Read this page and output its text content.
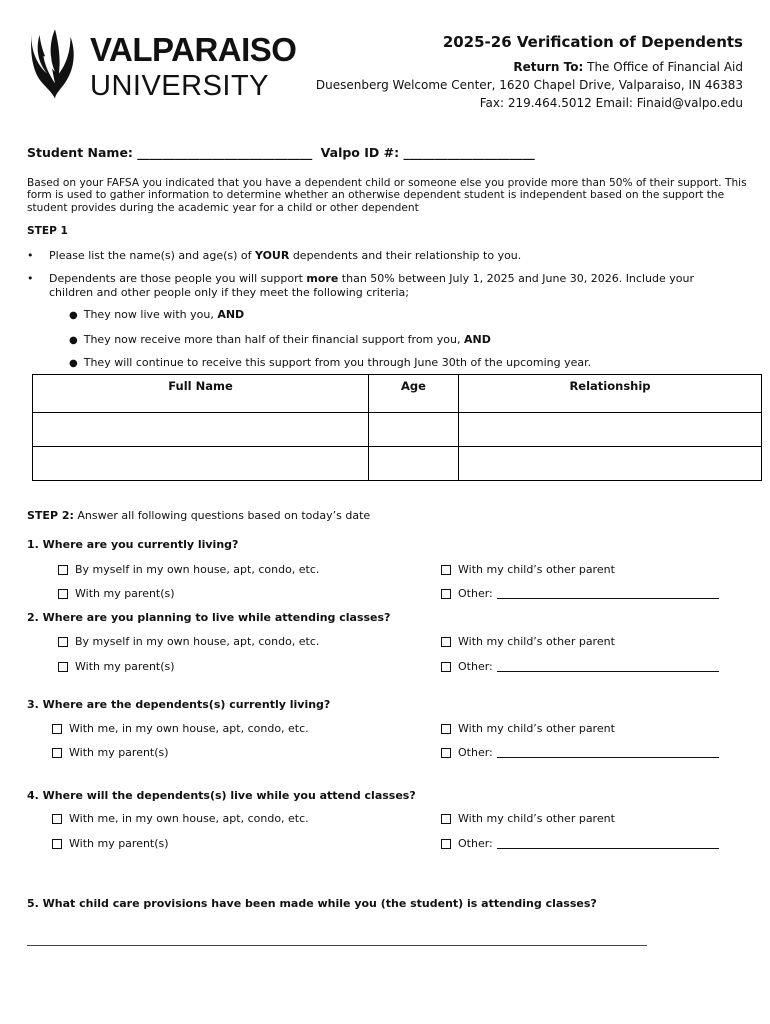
VALPARAISO
UNIVERSITY
2025-26 Verification of Dependents
Return To: The Office of Financial Aid
Duesenberg Welcome Center, 1620 Chapel Drive, Valparaiso, IN 46383
Fax: 219.464.5012 Email: Finaid@valpo.edu
Student Name: ____________________________ Valpo ID #: _____________________
Based on your FAFSA you indicated that you have a dependent child or someone else you provide more than 50% of their support. This form is used to gather information to determine whether an otherwise dependent student is independent based on the support the student provides during the academic year for a child or other dependent
STEP 1
• Please list the name(s) and age(s) of YOUR dependents and their relationship to you.
• Dependents are those people you will support more than 50% between July 1, 2025 and June 30, 2026. Include your children and other people only if they meet the following criteria;
● They now live with you, AND
● They now receive more than half of their financial support from you, AND
● They will continue to receive this support from you through June 30th of the upcoming year.
Full Name	Age	Relationship

STEP 2: Answer all following questions based on today’s date
1. Where are you currently living?
By myself in my own house, apt, condo, etc.	With my child’s other parent
With my parent(s)	Other:
2. Where are you planning to live while attending classes?
By myself in my own house, apt, condo, etc.	With my child’s other parent
With my parent(s)	Other:
3. Where are the dependents(s) currently living?
With me, in my own house, apt, condo, etc.	With my child’s other parent
With my parent(s)	Other:
4. Where will the dependents(s) live while you attend classes?
With me, in my own house, apt, condo, etc.	With my child’s other parent
With my parent(s)	Other:
5. What child care provisions have been made while you (the student) is attending classes?
